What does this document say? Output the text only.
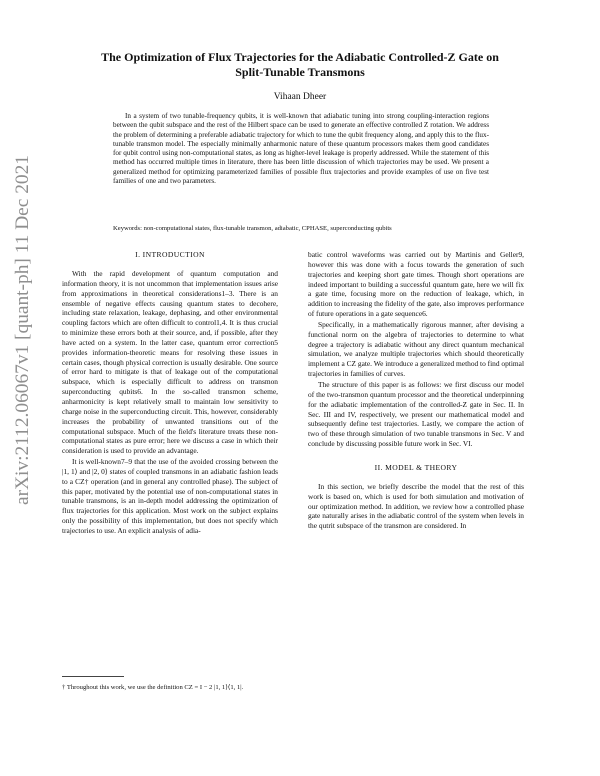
arXiv:2112.06067v1 [quant-ph] 11 Dec 2021
The Optimization of Flux Trajectories for the Adiabatic Controlled-Z Gate on
Split-Tunable Transmons
Vihaan Dheer

In a system of two tunable-frequency qubits, it is well-known that adiabatic tuning into strong coupling-interaction regions between the qubit subspace and the rest of the Hilbert space can be used to generate an effective controlled Z rotation. We address the problem of determining a preferable adiabatic trajectory for which to tune the qubit frequency along, and apply this to the flux-tunable transmon model. The especially minimally anharmonic nature of these quantum processors makes them good candidates for qubit control using non-computational states, as long as higher-level leakage is properly addressed. While the statement of this method has occurred multiple times in literature, there has been little discussion of which trajectories may be used. We present a generalized method for optimizing parameterized families of possible flux trajectories and provide examples of use on five test families of one and two parameters.

Keywords: non-computational states, flux-tunable transmon, adiabatic, CPHASE, superconducting qubits

I. INTRODUCTION

With the rapid development of quantum computation and information theory, it is not uncommon that implementation issues arise from approximations in theoretical considerations1–3. There is an ensemble of negative effects causing quantum states to decohere, including state relaxation, leakage, dephasing, and other environmental coupling factors which are often difficult to control1,4. It is thus crucial to minimize these errors both at their source, and, if possible, after they have acted on a system. In the latter case, quantum error correction5 provides information-theoretic means for resolving these issues in certain cases, though physical correction is usually desirable. One source of error hard to mitigate is that of leakage out of the computational subspace, which is especially difficult to address on transmon superconducting qubits6. In the so-called transmon scheme, anharmonicity is kept relatively small to maintain low sensitivity to charge noise in the superconducting circuit. This, however, considerably increases the probability of unwanted transitions out of the computational subspace. Much of the field's literature treats these non-computational states as pure error; here we discuss a case in which their consideration is used to provide an advantage.

It is well-known7–9 that the use of the avoided crossing between the |1, 1⟩ and |2, 0⟩ states of coupled transmons in an adiabatic fashion leads to a CZ† operation (and in general any controlled phase). The subject of this paper, motivated by the potential use of non-computational states in tunable transmons, is an in-depth model addressing the optimization of flux trajectories for this application. Most work on the subject explains only the possibility of this implementation, but does not specify which trajectories to use. An explicit analysis of adia-

batic control waveforms was carried out by Martinis and Geller9, however this was done with a focus towards the generation of such trajectories and keeping short gate times. Though short operations are indeed important to building a successful quantum gate, here we will fix a gate time, focusing more on the reduction of leakage, which, in addition to increasing the fidelity of the gate, also improves performance of future operations in a gate sequence6.

Specifically, in a mathematically rigorous manner, after devising a functional norm on the algebra of trajectories to determine to what degree a trajectory is adiabatic without any direct quantum mechanical simulation, we analyze multiple trajectories which should theoretically implement a CZ gate. We introduce a generalized method to find optimal trajectories in families of curves.

The structure of this paper is as follows: we first discuss our model of the two-transmon quantum processor and the theoretical underpinning for the adiabatic implementation of the controlled-Z gate in Sec. II. In Sec. III and IV, respectively, we present our mathematical model and subsequently define test trajectories. Lastly, we compare the action of two of these through simulation of two tunable transmons in Sec. V and conclude by discussing possible future work in Sec. VI.

II. MODEL & THEORY

In this section, we briefly describe the model that the rest of this work is based on, which is used for both simulation and motivation of our optimization method. In addition, we review how a controlled phase gate naturally arises in the adiabatic control of the system when levels in the qutrit subspace of the transmon are considered. In

† Throughout this work, we use the definition CZ = I − 2 |1, 1⟩⟨1, 1|.
